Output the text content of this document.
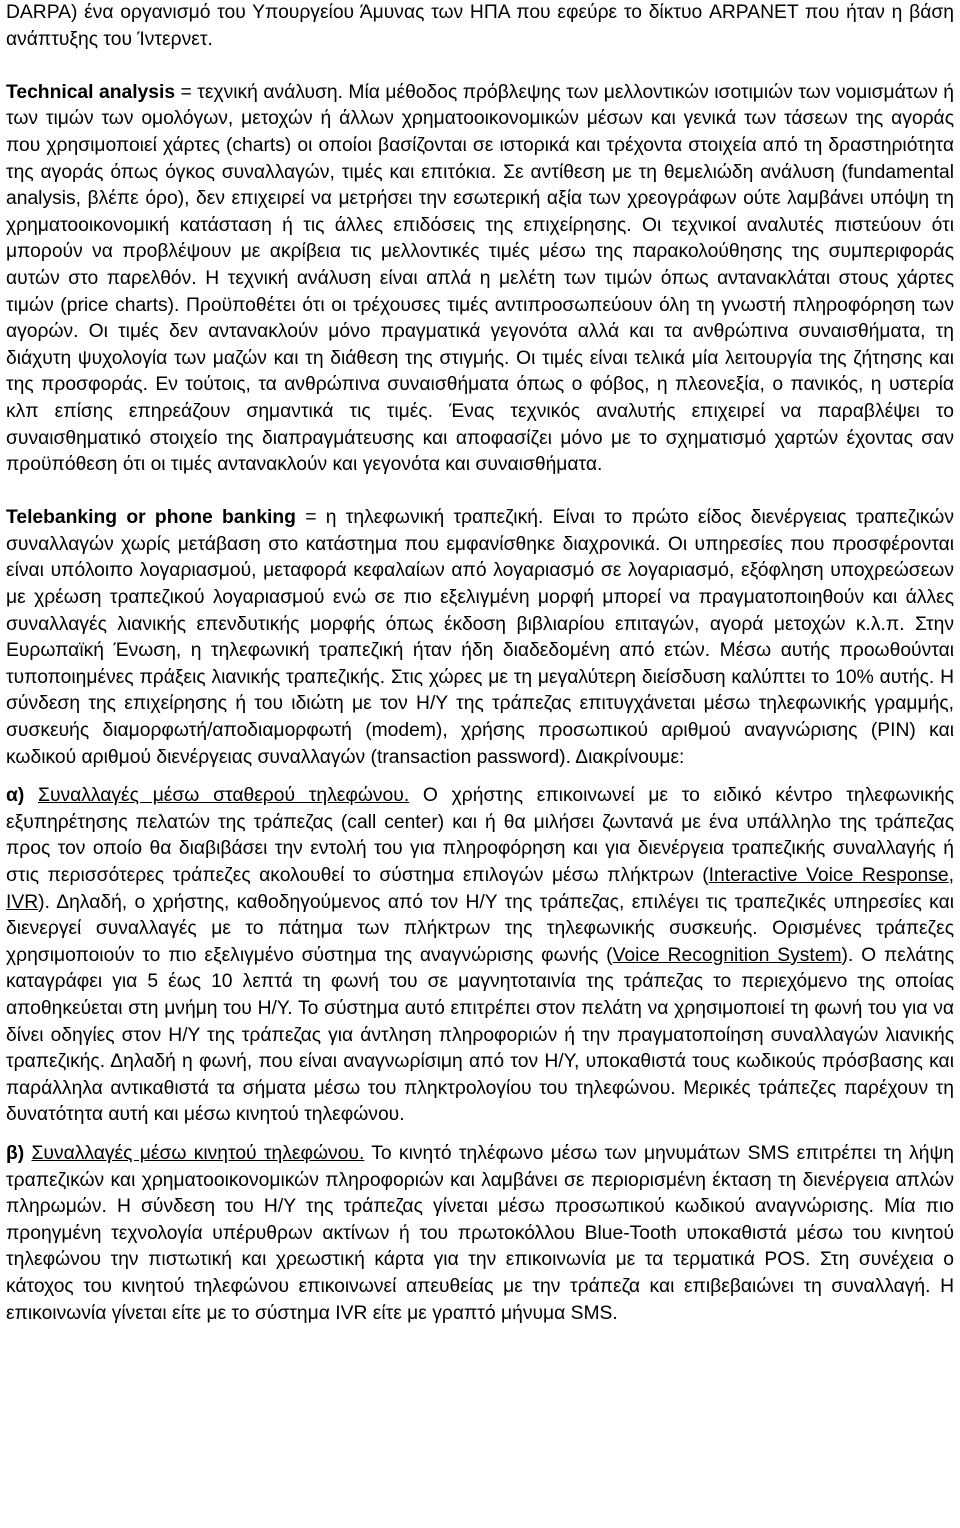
DARPA) ένα οργανισμό του Υπουργείου Άμυνας των ΗΠΑ που εφεύρε το δίκτυο ARPANET που ήταν η βάση ανάπτυξης του Ίντερνετ.

Technical analysis = τεχνική ανάλυση. Μία μέθοδος πρόβλεψης των μελλοντικών ισοτιμιών των νομισμάτων ή των τιμών των ομολόγων, μετοχών ή άλλων χρηματοοικονομικών μέσων και γενικά των τάσεων της αγοράς που χρησιμοποιεί χάρτες (charts) οι οποίοι βασίζονται σε ιστορικά και τρέχοντα στοιχεία από τη δραστηριότητα της αγοράς όπως όγκος συναλλαγών, τιμές και επιτόκια. Σε αντίθεση με τη θεμελιώδη ανάλυση (fundamental analysis, βλέπε όρο), δεν επιχειρεί να μετρήσει την εσωτερική αξία των χρεογράφων ούτε λαμβάνει υπόψη τη χρηματοοικονομική κατάσταση ή τις άλλες επιδόσεις της επιχείρησης. Οι τεχνικοί αναλυτές πιστεύουν ότι μπορούν να προβλέψουν με ακρίβεια τις μελλοντικές τιμές μέσω της παρακολούθησης της συμπεριφοράς αυτών στο παρελθόν. Η τεχνική ανάλυση είναι απλά η μελέτη των τιμών όπως αντανακλάται στους χάρτες τιμών (price charts). Προϋποθέτει ότι οι τρέχουσες τιμές αντιπροσωπεύουν όλη τη γνωστή πληροφόρηση των αγορών. Οι τιμές δεν αντανακλούν μόνο πραγματικά γεγονότα αλλά και τα ανθρώπινα συναισθήματα, τη διάχυτη ψυχολογία των μαζών και τη διάθεση της στιγμής. Οι τιμές είναι τελικά μία λειτουργία της ζήτησης και της προσφοράς. Εν τούτοις, τα ανθρώπινα συναισθήματα όπως ο φόβος, η πλεονεξία, ο πανικός, η υστερία κλπ επίσης επηρεάζουν σημαντικά τις τιμές. Ένας τεχνικός αναλυτής επιχειρεί να παραβλέψει το συναισθηματικό στοιχείο της διαπραγμάτευσης και αποφασίζει μόνο με το σχηματισμό χαρτών έχοντας σαν προϋπόθεση ότι οι τιμές αντανακλούν και γεγονότα και συναισθήματα.

Telebanking or phone banking = η τηλεφωνική τραπεζική. Είναι το πρώτο είδος διενέργειας τραπεζικών συναλλαγών χωρίς μετάβαση στο κατάστημα που εμφανίσθηκε διαχρονικά. Οι υπηρεσίες που προσφέρονται είναι υπόλοιπο λογαριασμού, μεταφορά κεφαλαίων από λογαριασμό σε λογαριασμό, εξόφληση υποχρεώσεων με χρέωση τραπεζικού λογαριασμού ενώ σε πιο εξελιγμένη μορφή μπορεί να πραγματοποιηθούν και άλλες συναλλαγές λιανικής επενδυτικής μορφής όπως έκδοση βιβλιαρίου επιταγών, αγορά μετοχών κ.λ.π. Στην Ευρωπαϊκή Ένωση, η τηλεφωνική τραπεζική ήταν ήδη διαδεδομένη από ετών. Μέσω αυτής προωθούνται τυποποιημένες πράξεις λιανικής τραπεζικής. Στις χώρες με τη μεγαλύτερη διείσδυση καλύπτει το 10% αυτής. Η σύνδεση της επιχείρησης ή του ιδιώτη με τον Η/Υ της τράπεζας επιτυγχάνεται μέσω τηλεφωνικής γραμμής, συσκευής διαμορφωτή/αποδιαμορφωτή (modem), χρήσης προσωπικού αριθμού αναγνώρισης (PIN) και κωδικού αριθμού διενέργειας συναλλαγών (transaction password). Διακρίνουμε:

α) Συναλλαγές μέσω σταθερού τηλεφώνου. Ο χρήστης επικοινωνεί με το ειδικό κέντρο τηλεφωνικής εξυπηρέτησης πελατών της τράπεζας (call center) και ή θα μιλήσει ζωντανά με ένα υπάλληλο της τράπεζας προς τον οποίο θα διαβιβάσει την εντολή του για πληροφόρηση και για διενέργεια τραπεζικής συναλλαγής ή στις περισσότερες τράπεζες ακολουθεί το σύστημα επιλογών μέσω πλήκτρων (Interactive Voice Response, IVR). Δηλαδή, ο χρήστης, καθοδηγούμενος από τον Η/Υ της τράπεζας, επιλέγει τις τραπεζικές υπηρεσίες και διενεργεί συναλλαγές με το πάτημα των πλήκτρων της τηλεφωνικής συσκευής. Ορισμένες τράπεζες χρησιμοποιούν το πιο εξελιγμένο σύστημα της αναγνώρισης φωνής (Voice Recognition System). Ο πελάτης καταγράφει για 5 έως 10 λεπτά τη φωνή του σε μαγνητοταινία της τράπεζας το περιεχόμενο της οποίας αποθηκεύεται στη μνήμη του Η/Υ. Το σύστημα αυτό επιτρέπει στον πελάτη να χρησιμοποιεί τη φωνή του για να δίνει οδηγίες στον Η/Υ της τράπεζας για άντληση πληροφοριών ή την πραγματοποίηση συναλλαγών λιανικής τραπεζικής. Δηλαδή η φωνή, που είναι αναγνωρίσιμη από τον Η/Υ, υποκαθιστά τους κωδικούς πρόσβασης και παράλληλα αντικαθιστά τα σήματα μέσω του πληκτρολογίου του τηλεφώνου. Μερικές τράπεζες παρέχουν τη δυνατότητα αυτή και μέσω κινητού τηλεφώνου.

β) Συναλλαγές μέσω κινητού τηλεφώνου. Το κινητό τηλέφωνο μέσω των μηνυμάτων SMS επιτρέπει τη λήψη τραπεζικών και χρηματοοικονομικών πληροφοριών και λαμβάνει σε περιορισμένη έκταση τη διενέργεια απλών πληρωμών. Η σύνδεση του Η/Υ της τράπεζας γίνεται μέσω προσωπικού κωδικού αναγνώρισης. Μία πιο προηγμένη τεχνολογία υπέρυθρων ακτίνων ή του πρωτοκόλλου Blue-Tooth υποκαθιστά μέσω του κινητού τηλεφώνου την πιστωτική και χρεωστική κάρτα για την επικοινωνία με τα τερματικά POS. Στη συνέχεια ο κάτοχος του κινητού τηλεφώνου επικοινωνεί απευθείας με την τράπεζα και επιβεβαιώνει τη συναλλαγή. Η επικοινωνία γίνεται είτε με το σύστημα IVR είτε με γραπτό μήνυμα SMS.
